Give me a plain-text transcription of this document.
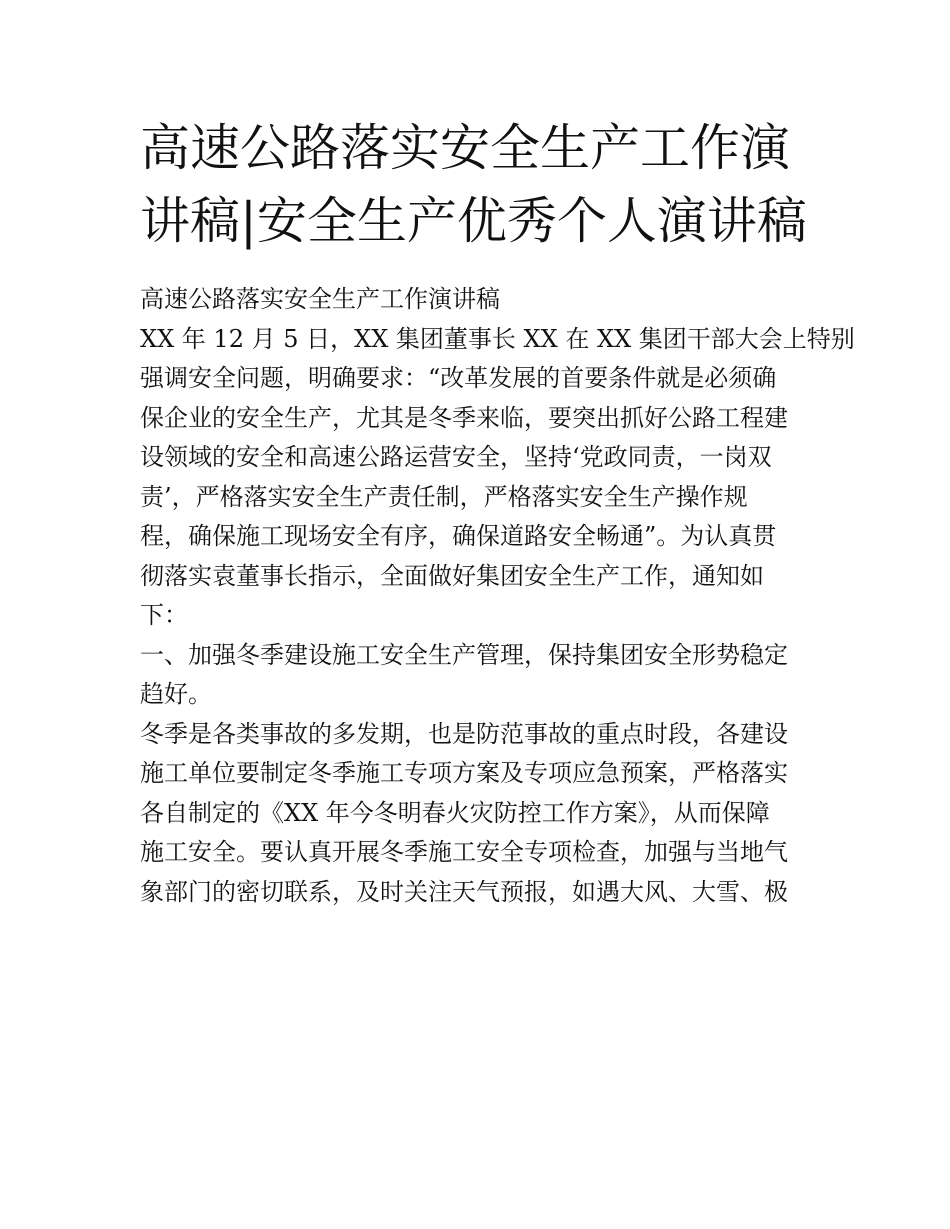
高速公路落实安全生产工作演
讲稿|安全生产优秀个人演讲稿
高速公路落实安全生产工作演讲稿
XX 年 12 月 5 日，XX 集团董事长 XX 在 XX 集团干部大会上特别
强调安全问题，明确要求：“改革发展的首要条件就是必须确
保企业的安全生产，尤其是冬季来临，要突出抓好公路工程建
设领域的安全和高速公路运营安全，坚持‘党政同责，一岗双
责’，严格落实安全生产责任制，严格落实安全生产操作规
程，确保施工现场安全有序，确保道路安全畅通”。为认真贯
彻落实袁董事长指示，全面做好集团安全生产工作，通知如
下：
一、加强冬季建设施工安全生产管理，保持集团安全形势稳定
趋好。
冬季是各类事故的多发期，也是防范事故的重点时段，各建设
施工单位要制定冬季施工专项方案及专项应急预案，严格落实
各自制定的《XX 年今冬明春火灾防控工作方案》，从而保障
施工安全。要认真开展冬季施工安全专项检查，加强与当地气
象部门的密切联系，及时关注天气预报，如遇大风、大雪、极
